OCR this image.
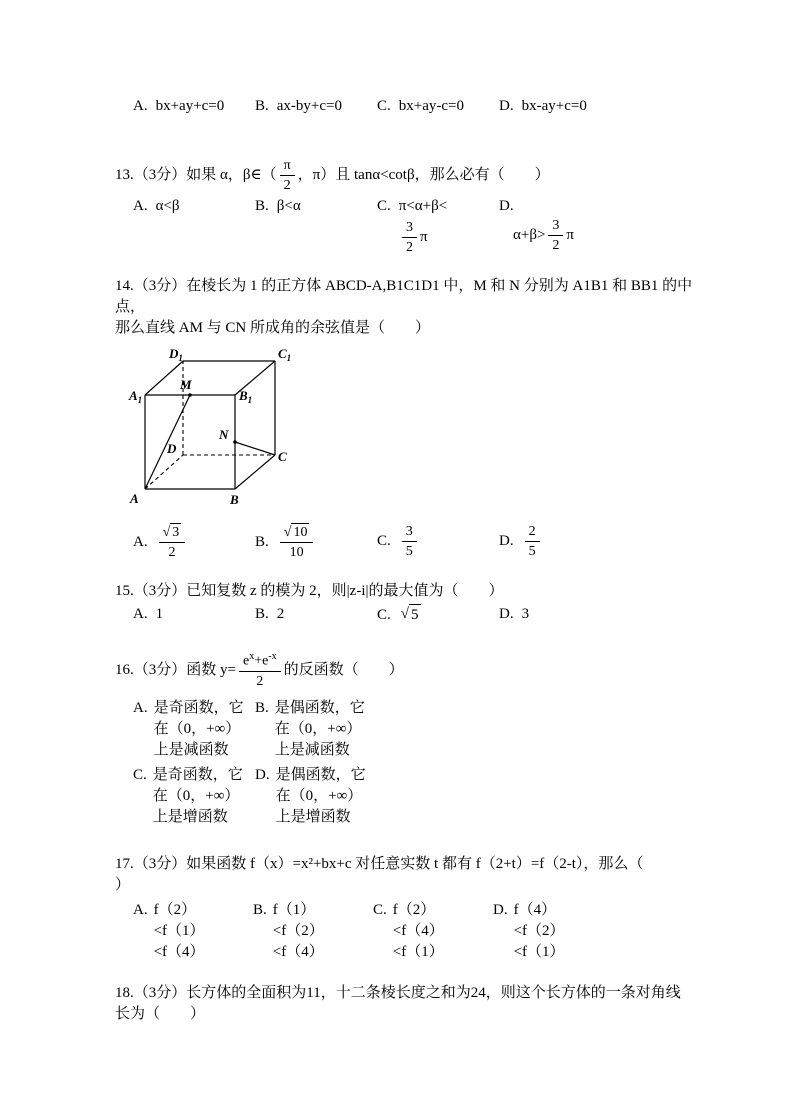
A. bx+ay+c=0 B. ax-by+c=0 C. bx+ay-c=0 D. bx-ay+c=0
13.（3分）如果 α，β∈（ $\frac{\pi}{2}$ ，π）且 tanα<cotβ，那么必有（　　）
A. α<β	B. β<α	C. π<α+β<
$\frac{3}{2}$ π
D.
$\alpha+\beta> \frac{3}{2}$ π
14.（3分）在棱长为 1 的正方体 ABCD-A,B1C1D1 中，M 和 N 分别为 A1B1 和 BB1 的中点，
那么直线 AM 与 CN 所成角的余弦值是（　　）
$D_1$	$C_1$
$A_1$	$B_1$
M
N
D
C
A	B
A. $\frac{√ 3}{2}$	B. $\frac{√ 10}{10}$	C. $\frac{3}{5}$	D. $\frac{2}{5}$
15.（3分）已知复数 z 的模为 2，则|z-i|的最大值为（　　）
A. 1	B. 2	C. √ 5	D. 3
16.（3分）函数 $y= \frac{e^x+e^{-x}}{2}$ 的反函数（　　）
A. 是奇函数，它
在（0，+∞）
上是减函数
B. 是偶函数，它
在（0，+∞）
上是减函数
C. 是奇函数，它
在（0，+∞）
上是增函数
D. 是偶函数，它
在（0，+∞）
上是增函数
17.（3分）如果函数 f（x）=x²+bx+c 对任意实数 t 都有 f（2+t）=f（2-t），那么（
）
A. f（2）
<f（1）
<f（4）
B. f（1）
<f（2）
<f（4）
C. f（2）
<f（4）
<f（1）
D. f（4）
<f（2）
<f（1）
18.（3分）长方体的全面积为11，十二条棱长度之和为24，则这个长方体的一条对角线
长为（　　）
